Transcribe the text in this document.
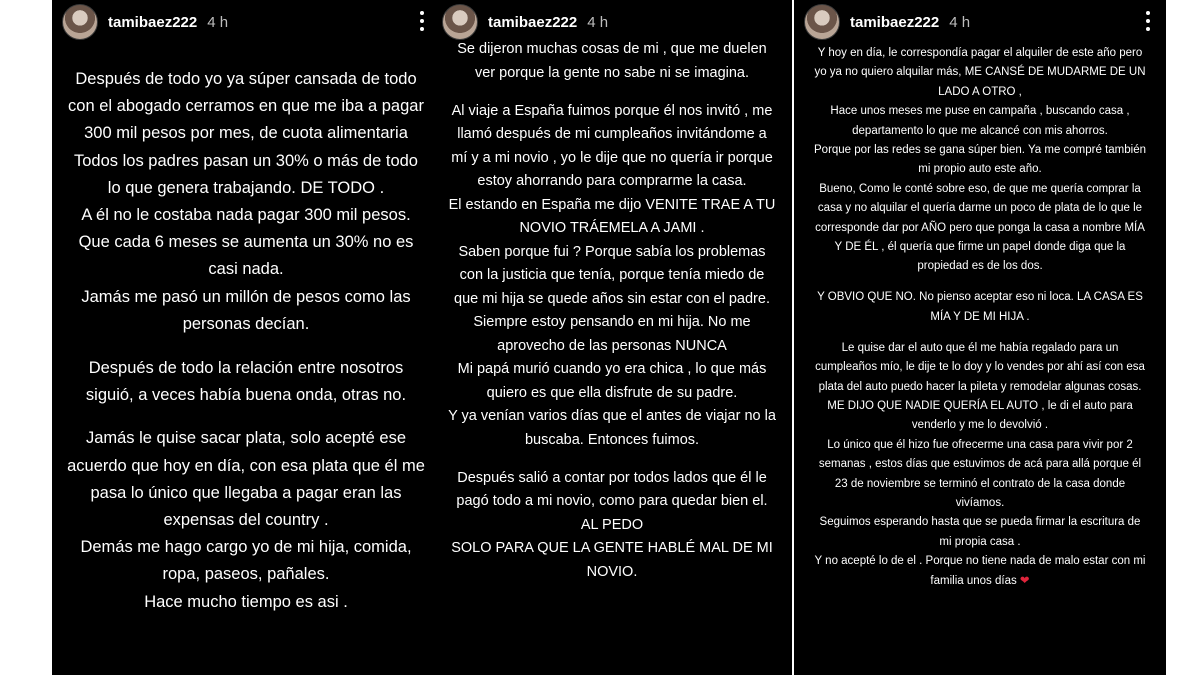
tamibaez222 4 h
Después de todo yo ya súper cansada de todo con el abogado cerramos en que me iba a pagar 300 mil pesos por mes, de cuota alimentaria
Todos los padres pasan un 30% o más de todo lo que genera trabajando. DE TODO .
A él no le costaba nada pagar 300 mil pesos.
Que cada 6 meses se aumenta un 30% no es casi nada.
Jamás me pasó un millón de pesos como las personas decían.
Después de todo la relación entre nosotros siguió, a veces había buena onda, otras no.
Jamás le quise sacar plata, solo acepté ese acuerdo que hoy en día, con esa plata que él me pasa lo único que llegaba a pagar eran las expensas del country .
Demás me hago cargo yo de mi hija, comida, ropa, paseos, pañales.
Hace mucho tiempo es asi .
tamibaez222 4 h
Se dijeron muchas cosas de mi , que me duelen ver porque la gente no sabe ni se imagina.
Al viaje a España fuimos porque él nos invitó , me llamó después de mi cumpleaños invitándome a mí y a mi novio , yo le dije que no quería ir porque estoy ahorrando para comprarme la casa.
El estando en España me dijo VENITE TRAE A TU NOVIO TRÁEMELA A JAMI .
Saben porque fui ? Porque sabía los problemas con la justicia que tenía, porque tenía miedo de que mi hija se quede años sin estar con el padre.
Siempre estoy pensando en mi hija. No me aprovecho de las personas NUNCA
Mi papá murió cuando yo era chica , lo que más quiero es que ella disfrute de su padre.
Y ya venían varios días que el antes de viajar no la buscaba. Entonces fuimos.
Después salió a contar por todos lados que él le pagó todo a mi novio, como para quedar bien el.
AL PEDO
SOLO PARA QUE LA GENTE HABLÉ MAL DE MI NOVIO.
tamibaez222 4 h
Y hoy en día, le correspondía pagar el alquiler de este año pero yo ya no quiero alquilar más, ME CANSÉ DE MUDARME DE UN LADO A OTRO ,
Hace unos meses me puse en campaña , buscando casa , departamento lo que me alcancé con mis ahorros.
Porque por las redes se gana súper bien. Ya me compré también mi propio auto este año.
Bueno, Como le conté sobre eso, de que me quería comprar la casa y no alquilar el quería darme un poco de plata de lo que le corresponde dar por AÑO pero que ponga la casa a nombre MÍA Y DE ÉL , él quería que firme un papel donde diga que la propiedad es de los dos.
Y OBVIO QUE NO. No pienso aceptar eso ni loca. LA CASA ES MÍA Y DE MI HIJA .
Le quise dar el auto que él me había regalado para un cumpleaños mío, le dije te lo doy y lo vendes por ahí así con esa plata del auto puedo hacer la pileta y remodelar algunas cosas.
ME DIJO QUE NADIE QUERÍA EL AUTO , le di el auto para venderlo y me lo devolvió .
Lo único que él hizo fue ofrecerme una casa para vivir por 2 semanas , estos días que estuvimos de acá para allá porque él 23 de noviembre se terminó el contrato de la casa donde vivíamos.
Seguimos esperando hasta que se pueda firmar la escritura de mi propia casa .
Y no acepté lo de el . Porque no tiene nada de malo estar con mi familia unos días ❤
